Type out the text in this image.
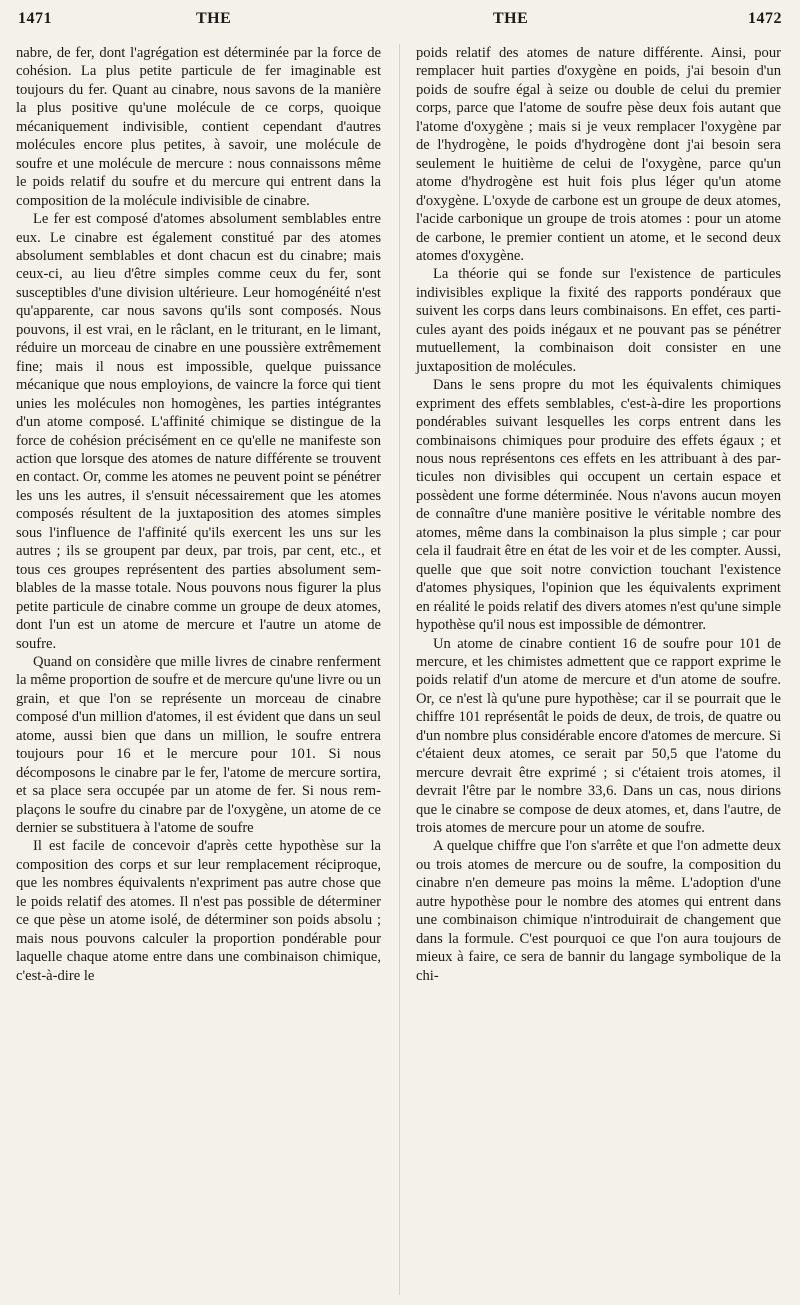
1471	THE	THE	1472

nabre, de fer, dont l'agrégation est déterminée par la force de cohésion. La plus petite particule de fer imaginable est toujours du fer. Quant au cinabre, nous savons de la manière la plus positive qu'une molécule de ce corps, quoique mécaniquement indivisible, contient cependant d'autres molécules encore plus petites, à savoir, une molécule de soufre et une molécule de mercure : nous connaissons même le poids relatif du soufre et du mercure qui entrent dans la composition de la molécule indivisible de cinabre.

Le fer est composé d'atomes absolument semblables entre eux. Le cinabre est également constitué par des atomes absolument semblables et dont chacun est du cinabre; mais ceux-ci, au lieu d'être simples comme ceux du fer, sont susceptibles d'une division ultérieure. Leur homogénéité n'est qu'apparente, car nous savons qu'ils sont composés. Nous pouvons, il est vrai, en le râclant, en le triturant, en le limant, réduire un morceau de cinabre en une poussière extrêmement fine; mais il nous est impossible, quelque puissance mécanique que nous employions, de vaincre la force qui tient unies les molécules non homogènes, les parties intégrantes d'un atome composé. L'affinité chimique se distingue de la force de cohésion précisément en ce qu'elle ne manifeste son action que lorsque des atomes de nature différente se trouvent en contact. Or, comme les atomes ne peuvent point se pénétrer les uns les autres, il s'ensuit nécessairement que les atomes composés résultent de la juxtaposition des atomes simples sous l'influence de l'affinité qu'ils exercent les uns sur les autres ; ils se groupent par deux, par trois, par cent, etc., et tous ces groupes représentent des parties absolument semblables de la masse totale. Nous pouvons nous figurer la plus petite particule de cinabre comme un groupe de deux atomes, dont l'un est un atome de mercure et l'autre un atome de soufre.

Quand on considère que mille livres de cinabre renferment la même proportion de soufre et de mercure qu'une livre ou un grain, et que l'on se représente un morceau de cinabre composé d'un million d'atomes, il est évident que dans un seul atome, aussi bien que dans un million, le soufre entrera toujours pour 16 et le mercure pour 101. Si nous décomposons le cinabre par le fer, l'atome de mercure sortira, et sa place sera occupée par un atome de fer. Si nous remplaçons le soufre du cinabre par de l'oxygène, un atome de ce dernier se substituera à l'atome de soufre

Il est facile de concevoir d'après cette hypothèse sur la composition des corps et sur leur remplacement réciproque, que les nombres équivalents n'expriment pas autre chose que le poids relatif des atomes. Il n'est pas possible de déterminer ce que pèse un atome isolé, de déterminer son poids absolu ; mais nous pouvons calculer la proportion pondérable pour laquelle chaque atome entre dans une combinaison chimique, c'est-à-dire le

poids relatif des atomes de nature différente. Ainsi, pour remplacer huit parties d'oxygène en poids, j'ai besoin d'un poids de soufre égal à seize ou double de celui du premier corps, parce que l'atome de soufre pèse deux fois autant que l'atome d'oxygène ; mais si je veux remplacer l'oxygène par de l'hydrogène, le poids d'hydrogène dont j'ai besoin sera seulement le huitième de celui de l'oxygène, parce qu'un atome d'hydrogène est huit fois plus léger qu'un atome d'oxygène. L'oxyde de carbone est un groupe de deux atomes, l'acide carbonique un groupe de trois atomes : pour un atome de carbone, le premier contient un atome, et le second deux atomes d'oxygène.

La théorie qui se fonde sur l'existence de particules indivisibles explique la fixité des rapports pondéraux que suivent les corps dans leurs combinaisons. En effet, ces particules ayant des poids inégaux et ne pouvant pas se pénétrer mutuellement, la combinaison doit consister en une juxtaposition de molécules.

Dans le sens propre du mot les équivalents chimiques expriment des effets semblables, c'est-à-dire les proportions pondérables suivant lesquelles les corps entrent dans les combinaisons chimiques pour produire des effets égaux ; et nous nous représentons ces effets en les attribuant à des particules non divisibles qui occupent un certain espace et possèdent une forme déterminée. Nous n'avons aucun moyen de connaître d'une manière positive le véritable nombre des atomes, même dans la combinaison la plus simple ; car pour cela il faudrait être en état de les voir et de les compter. Aussi, quelle que que soit notre conviction touchant l'existence d'atomes physiques, l'opinion que les équivalents expriment en réalité le poids relatif des divers atomes n'est qu'une simple hypothèse qu'il nous est impossible de démontrer.

Un atome de cinabre contient 16 de soufre pour 101 de mercure, et les chimistes admettent que ce rapport exprime le poids relatif d'un atome de mercure et d'un atome de soufre. Or, ce n'est là qu'une pure hypothèse; car il se pourrait que le chiffre 101 représentât le poids de deux, de trois, de quatre ou d'un nombre plus considérable encore d'atomes de mercure. Si c'étaient deux atomes, ce serait par 50,5 que l'atome du mercure devrait être exprimé ; si c'étaient trois atomes, il devrait l'être par le nombre 33,6. Dans un cas, nous dirions que le cinabre se compose de deux atomes, et, dans l'autre, de trois atomes de mercure pour un atome de soufre.

A quelque chiffre que l'on s'arrête et que l'on admette deux ou trois atomes de mercure ou de soufre, la composition du cinabre n'en demeure pas moins la même. L'adoption d'une autre hypothèse pour le nombre des atomes qui entrent dans une combinaison chimique n'introduirait de changement que dans la formule. C'est pourquoi ce que l'on aura toujours de mieux à faire, ce sera de bannir du langage symbolique de la chi-
